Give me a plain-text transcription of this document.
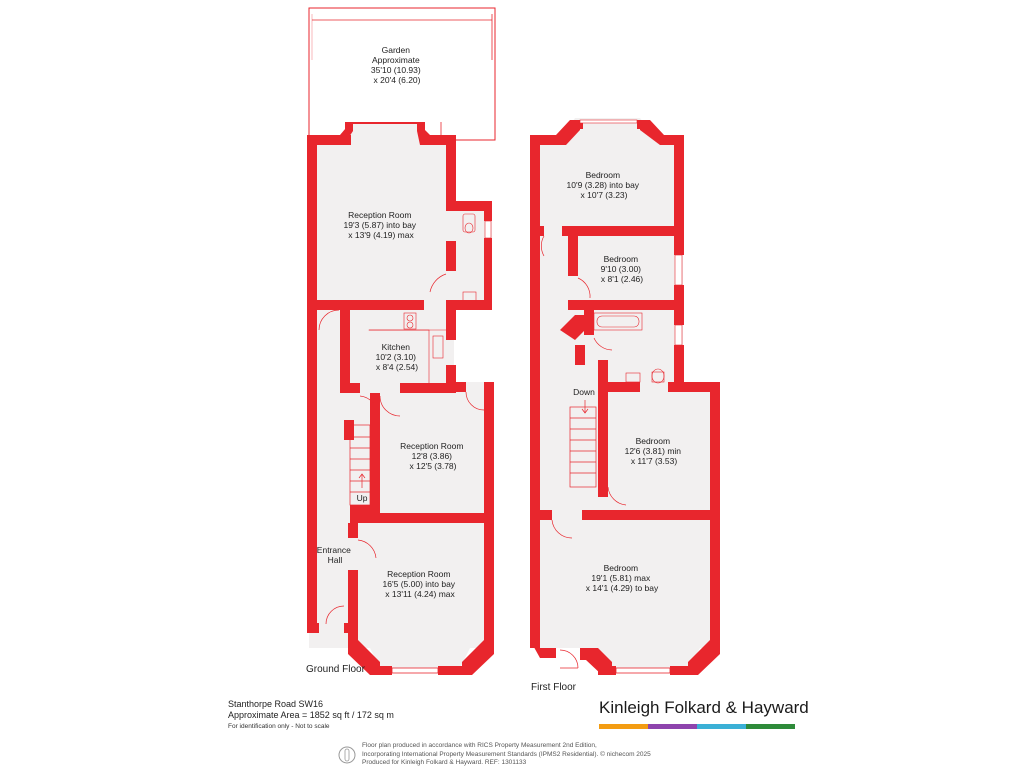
Garden Approximate 35'10 (10.93) x 20'4 (6.20)
Reception Room 19'3 (5.87) into bay x 13'9 (4.19) max
Kitchen 10'2 (3.10) x 8'4 (2.54)
Reception Room 12'8 (3.86) x 12'5 (3.78)
Entrance Hall
Reception Room 16'5 (5.00) into bay x 13'11 (4.24) max
Up
Ground Floor
Bedroom 10'9 (3.28) into bay x 10'7 (3.23)
Bedroom 9'10 (3.00) x 8'1 (2.46)
Bedroom 12'6 (3.81) min x 11'7 (3.53)
Bedroom 19'1 (5.81) max x 14'1 (4.29) to bay
Down
First Floor
Stanthorpe Road SW16
Approximate Area = 1852 sq ft / 172 sq m
For identification only - Not to scale
Kinleigh Folkard & Hayward
Floor plan produced in accordance with RICS Property Measurement 2nd Edition,
Incorporating International Property Measurement Standards (IPMS2 Residential). © nichecom 2025
Produced for Kinleigh Folkard & Hayward. REF: 1301133
